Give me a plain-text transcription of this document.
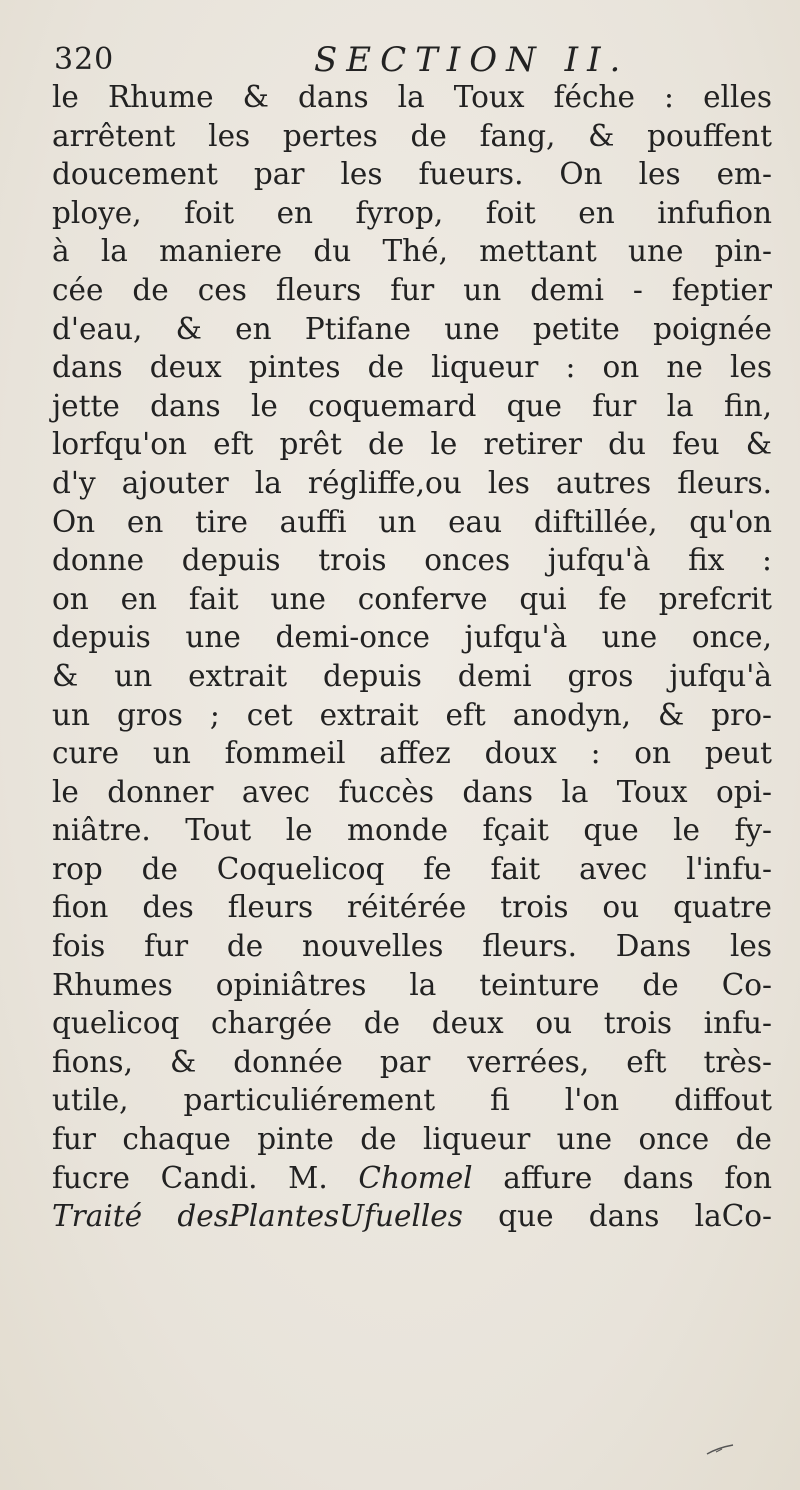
320	SECTION II.
le Rhume & dans la Toux féche : elles
arrêtent les pertes de fang, & pouffent
doucement par les fueurs. On les em-
ploye, foit en fyrop, foit en infufion
à la maniere du Thé, mettant une pin-
cée de ces fleurs fur un demi - feptier
d'eau, & en Ptifane une petite poignée
dans deux pintes de liqueur : on ne les
jette dans le coquemard que fur la fin,
lorfqu'on eft prêt de le retirer du feu &
d'y ajouter la régliffe,ou les autres fleurs.
On en tire auffi un eau diftillée, qu'on
donne depuis trois onces jufqu'à fix :
on en fait une conferve qui fe prefcrit
depuis une demi-once jufqu'à une once,
& un extrait depuis demi gros jufqu'à
un gros ; cet extrait eft anodyn, & pro-
cure un fommeil affez doux : on peut
le donner avec fuccès dans la Toux opi-
niâtre. Tout le monde fçait que le fy-
rop de Coquelicoq fe fait avec l'infu-
fion des fleurs réitérée trois ou quatre
fois fur de nouvelles fleurs. Dans les
Rhumes opiniâtres la teinture de Co-
quelicoq chargée de deux ou trois infu-
fions, & donnée par verrées, eft très-
utile, particuliérement fi l'on diffout
fur chaque pinte de liqueur une once de
fucre Candi. M. Chomel affure dans fon
Traité desPlantesUfuelles que dans laCo-
